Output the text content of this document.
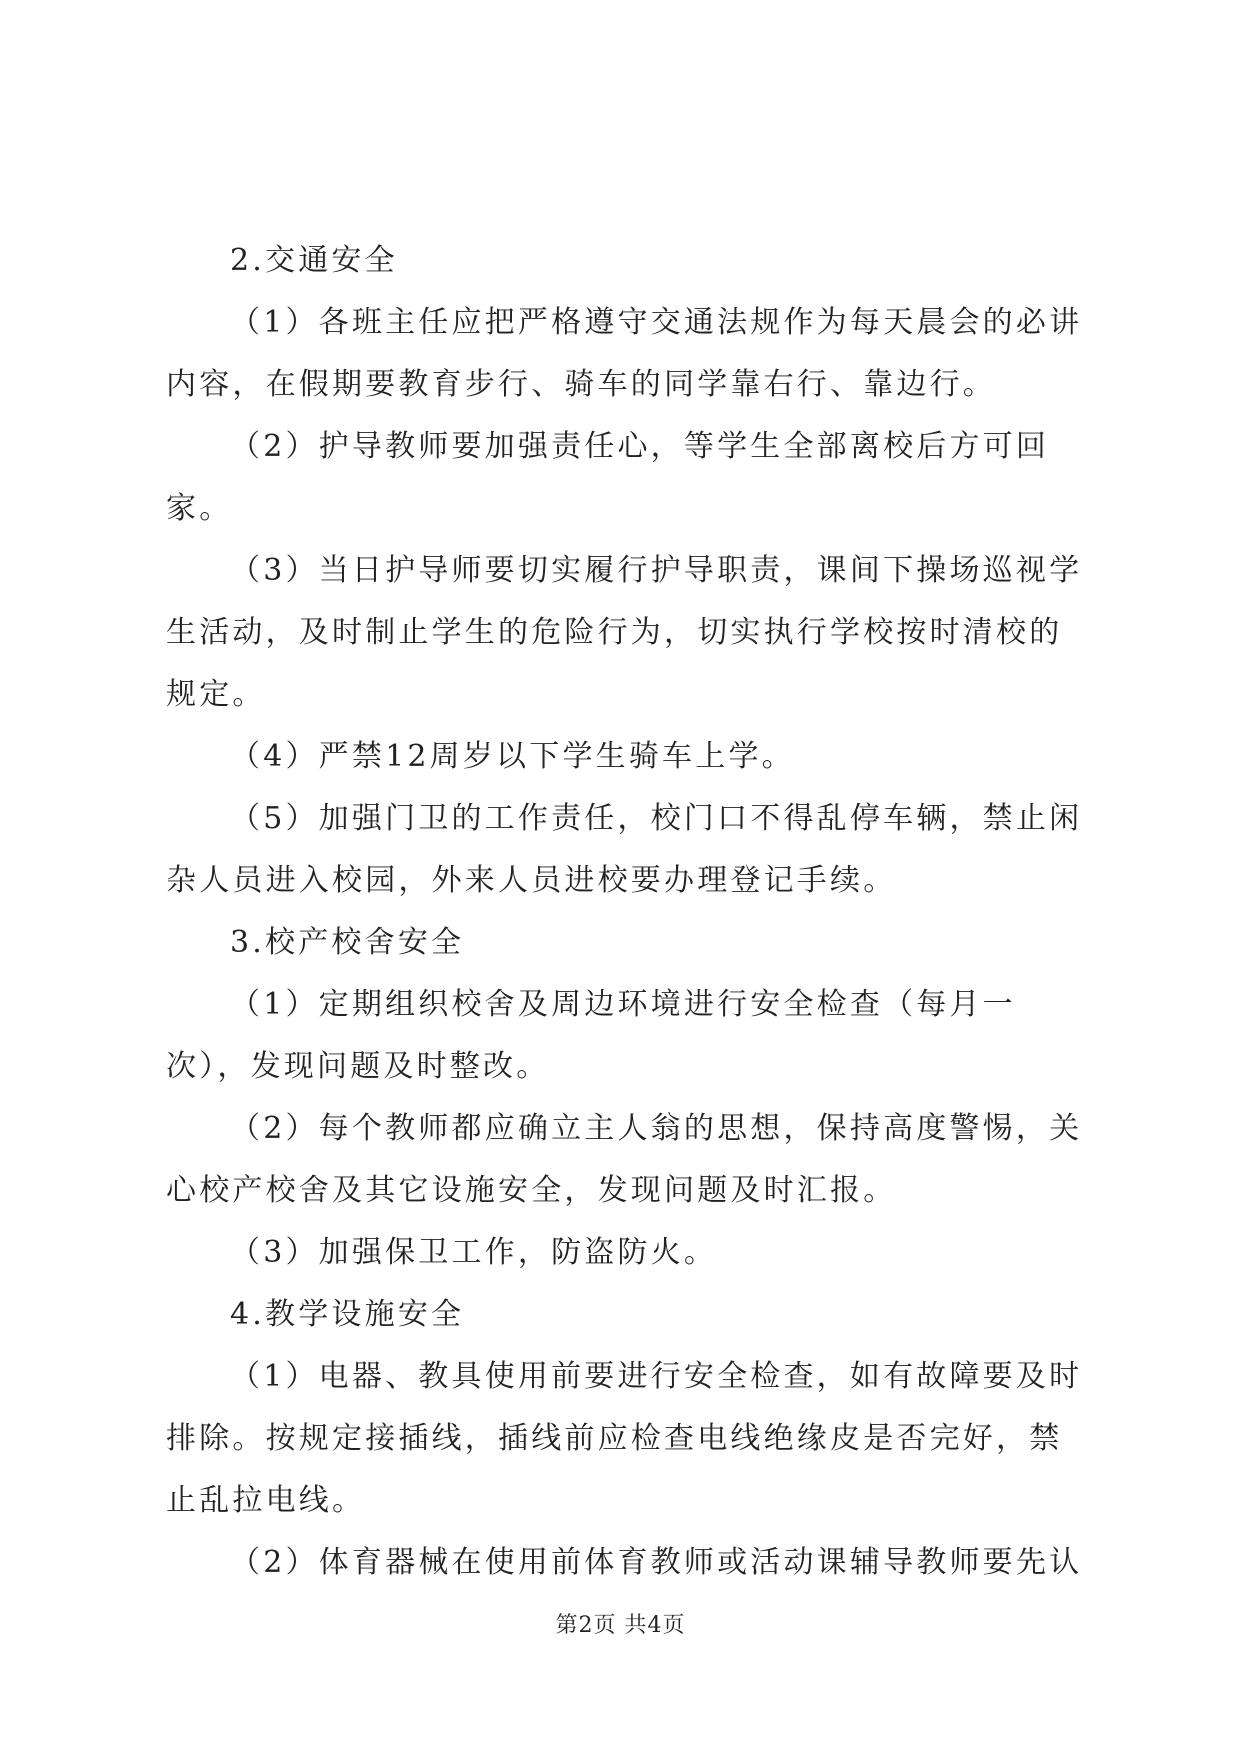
2.交通安全

（1）各班主任应把严格遵守交通法规作为每天晨会的必讲内容，在假期要教育步行、骑车的同学靠右行、靠边行。

（2）护导教师要加强责任心，等学生全部离校后方可回家。

（3）当日护导师要切实履行护导职责，课间下操场巡视学生活动，及时制止学生的危险行为，切实执行学校按时清校的规定。

（4）严禁12周岁以下学生骑车上学。

（5）加强门卫的工作责任，校门口不得乱停车辆，禁止闲杂人员进入校园，外来人员进校要办理登记手续。

3.校产校舍安全

（1）定期组织校舍及周边环境进行安全检查（每月一次），发现问题及时整改。

（2）每个教师都应确立主人翁的思想，保持高度警惕，关心校产校舍及其它设施安全，发现问题及时汇报。

（3）加强保卫工作，防盗防火。

4.教学设施安全

（1）电器、教具使用前要进行安全检查，如有故障要及时排除。按规定接插线，插线前应检查电线绝缘皮是否完好，禁止乱拉电线。

（2）体育器械在使用前体育教师或活动课辅导教师要先认

第2页 共4页
